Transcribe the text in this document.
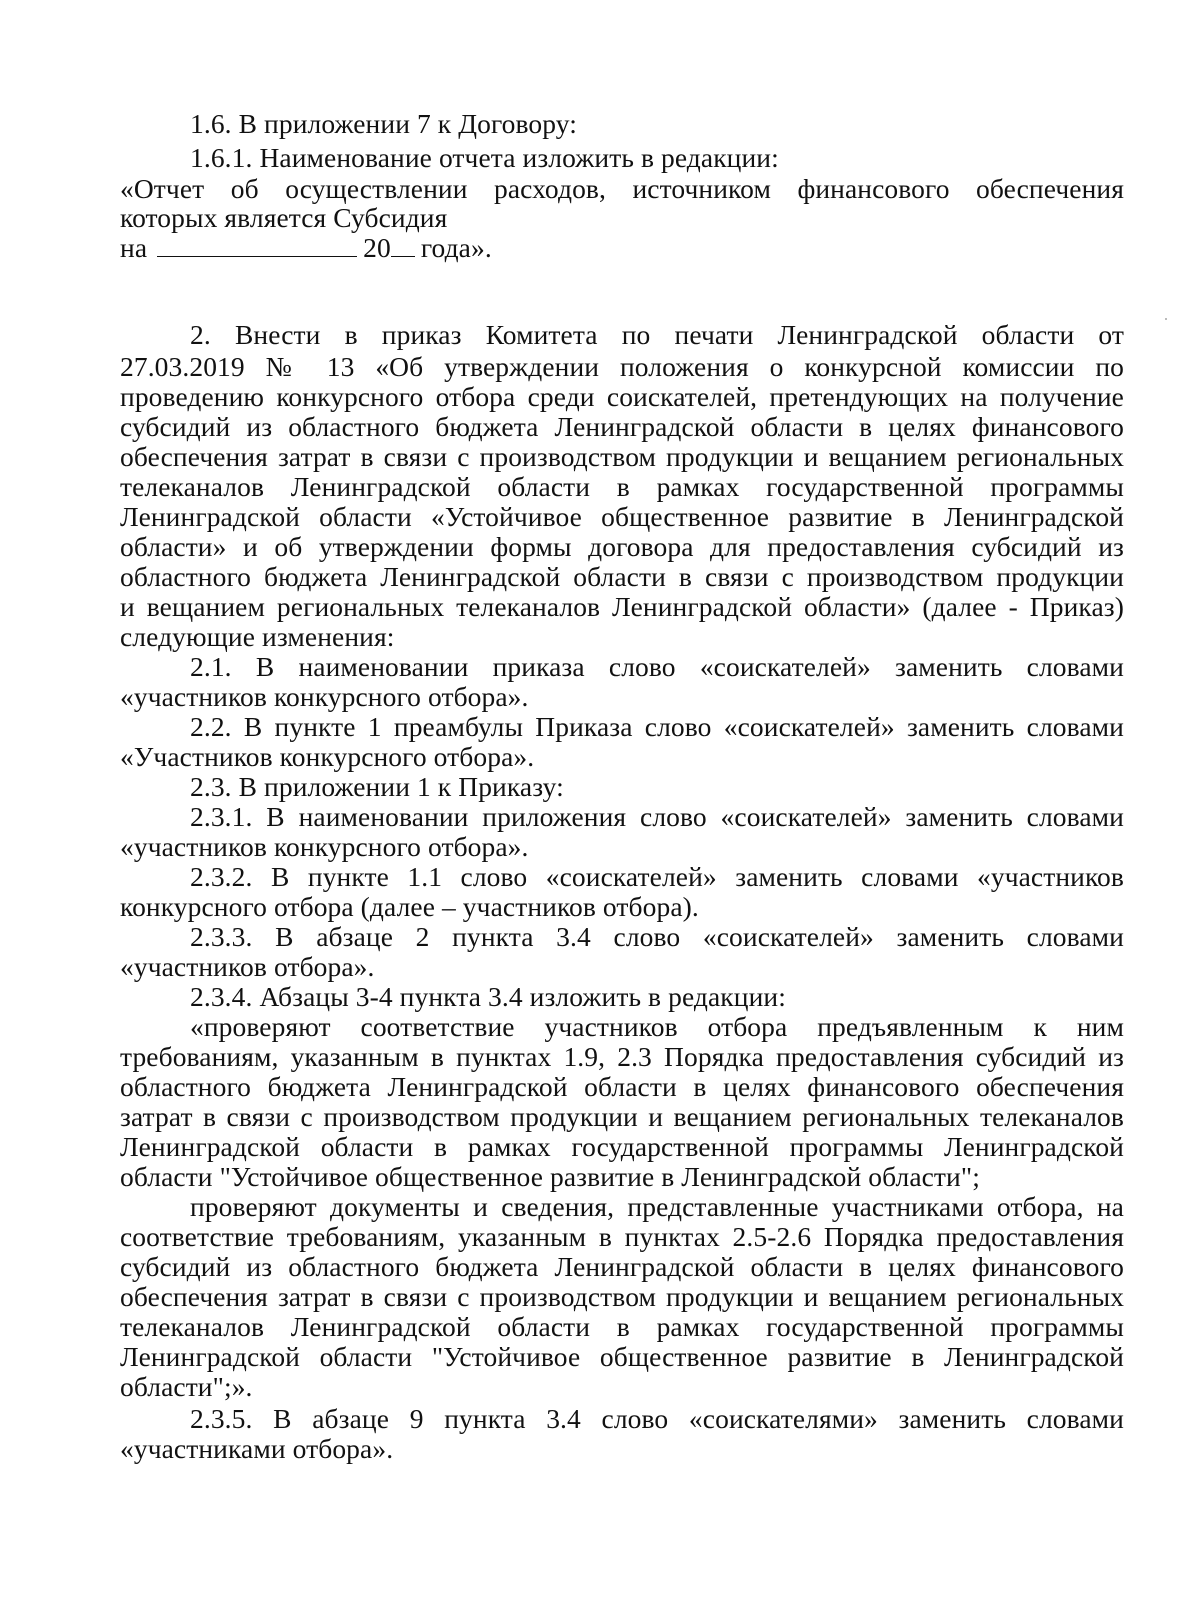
1.6. В приложении 7 к Договору:
1.6.1. Наименование отчета изложить в редакции:
«Отчет об осуществлении расходов, источником финансового обеспечения
которых является Субсидия
на	20 года».
2. Внести в приказ Комитета по печати Ленинградской области от
27.03.2019 № 13 «Об утверждении положения о конкурсной комиссии по
проведению конкурсного отбора среди соискателей, претендующих на получение
субсидий из областного бюджета Ленинградской области в целях финансового
обеспечения затрат в связи с производством продукции и вещанием региональных
телеканалов Ленинградской области в рамках государственной программы
Ленинградской области «Устойчивое общественное развитие в Ленинградской
области» и об утверждении формы договора для предоставления субсидий из
областного бюджета Ленинградской области в связи с производством продукции
и вещанием региональных телеканалов Ленинградской области» (далее - Приказ)
следующие изменения:
2.1. В наименовании приказа слово «соискателей» заменить словами
«участников конкурсного отбора».
2.2. В пункте 1 преамбулы Приказа слово «соискателей» заменить словами
«Участников конкурсного отбора».
2.3. В приложении 1 к Приказу:
2.3.1. В наименовании приложения слово «соискателей» заменить словами
«участников конкурсного отбора».
2.3.2. В пункте 1.1 слово «соискателей» заменить словами «участников
конкурсного отбора (далее – участников отбора).
2.3.3. В абзаце 2 пункта 3.4 слово «соискателей» заменить словами
«участников отбора».
2.3.4. Абзацы 3-4 пункта 3.4 изложить в редакции:
«проверяют соответствие участников отбора предъявленным к ним
требованиям, указанным в пунктах 1.9, 2.3 Порядка предоставления субсидий из
областного бюджета Ленинградской области в целях финансового обеспечения
затрат в связи с производством продукции и вещанием региональных телеканалов
Ленинградской области в рамках государственной программы Ленинградской
области "Устойчивое общественное развитие в Ленинградской области";
проверяют документы и сведения, представленные участниками отбора, на
соответствие требованиям, указанным в пунктах 2.5-2.6 Порядка предоставления
субсидий из областного бюджета Ленинградской области в целях финансового
обеспечения затрат в связи с производством продукции и вещанием региональных
телеканалов Ленинградской области в рамках государственной программы
Ленинградской области "Устойчивое общественное развитие в Ленинградской
области";».
2.3.5. В абзаце 9 пункта 3.4 слово «соискателями» заменить словами
«участниками отбора».
